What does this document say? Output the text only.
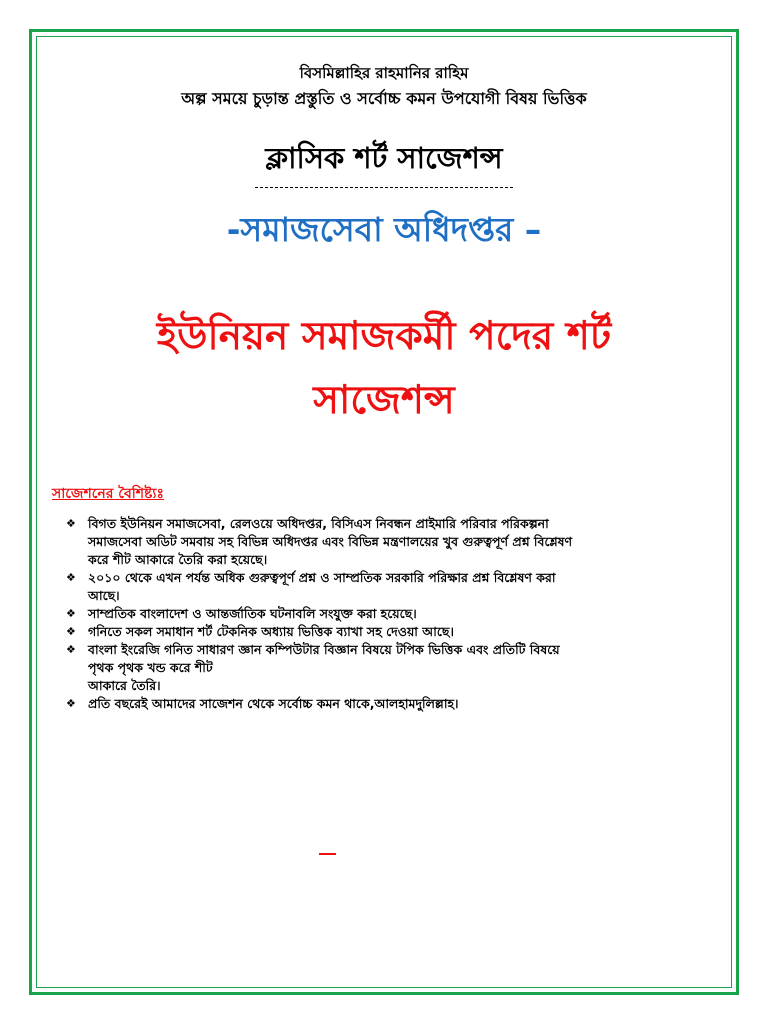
বিসমিল্লাহির রাহমানির রাহিম
অল্প সময়ে চুড়ান্ত প্রস্তুতি ও সর্বোচ্চ কমন উপযোগী বিষয় ভিত্তিক
ক্লাসিক শর্ট সাজেশন্স
-সমাজসেবা অধিদপ্তর –
ইউনিয়ন সমাজকর্মী পদের শর্ট
সাজেশন্স
সাজেশনের বৈশিষ্ট্যঃ
❖ বিগত ইউনিয়ন সমাজসেবা, রেলওয়ে অধিদপ্তর, বিসিএস নিবন্ধন প্রাইমারি পরিবার পরিকল্পনা
সমাজসেবা অডিট সমবায় সহ বিভিন্ন অধিদপ্তর এবং বিভিন্ন মন্ত্রণালয়ের খুব গুরুত্বপূর্ণ প্রশ্ন বিশ্লেষণ
করে শীট আকারে তৈরি করা হয়েছে।
❖ ২০১০ থেকে এখন পর্যন্ত অধিক গুরুত্বপূর্ণ প্রশ্ন ও সাম্প্রতিক সরকারি পরিক্ষার প্রশ্ন বিশ্লেষণ করা
আছে।
❖ সাম্প্রতিক বাংলাদেশ ও আন্তর্জাতিক ঘটনাবলি সংযুক্ত করা হয়েছে।
❖ গনিতে সকল সমাধান শর্ট টেকনিক অধ্যায় ভিত্তিক ব্যাখা সহ দেওয়া আছে।
❖ বাংলা ইংরেজি গনিত সাধারণ জ্ঞান কম্পিউটার বিজ্ঞান বিষয়ে টপিক ভিত্তিক এবং প্রতিটি বিষয়ে
পৃথক পৃথক খন্ড করে শীট
আকারে তৈরি।
❖ প্রতি বছরেই আমাদের সাজেশন থেকে সর্বোচ্চ কমন থাকে,আলহামদুলিল্লাহ।
